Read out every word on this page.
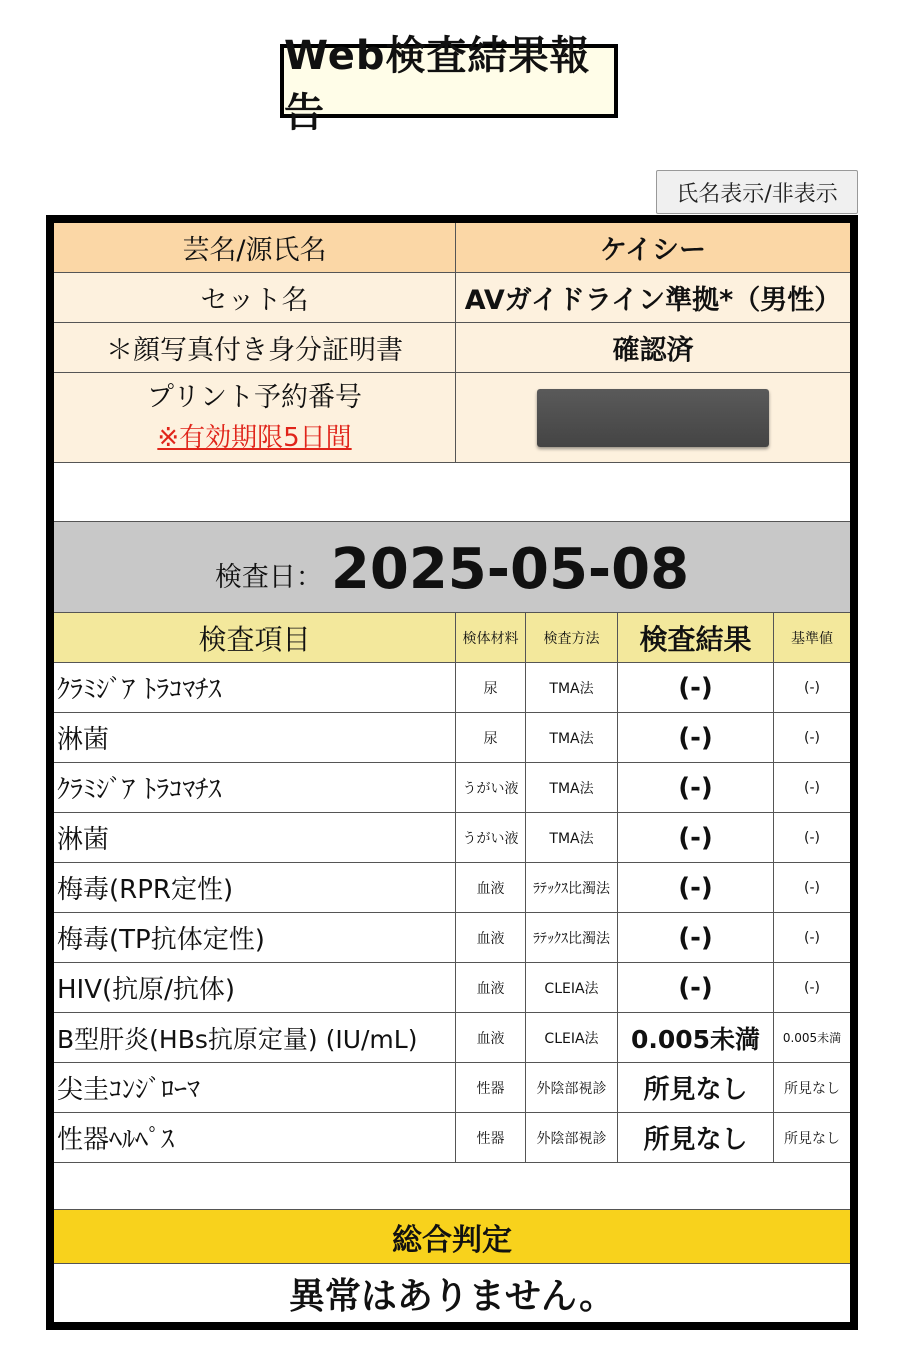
Web検査結果報告
氏名表示/非表示
芸名/源氏名	ケイシー
セット名	AVガイドライン準拠*（男性）
＊顔写真付き身分証明書	確認済
プリント予約番号
※有効期限5日間
検査日： 2025-05-08
検査項目	検体材料	検査方法	検査結果	基準値
ｸﾗﾐｼﾞｱ ﾄﾗｺﾏﾁｽ	尿	TMA法	(-)	(-)
淋菌	尿	TMA法	(-)	(-)
ｸﾗﾐｼﾞｱ ﾄﾗｺﾏﾁｽ	うがい液	TMA法	(-)	(-)
淋菌	うがい液	TMA法	(-)	(-)
梅毒(RPR定性)	血液	ﾗﾃｯｸｽ比濁法	(-)	(-)
梅毒(TP抗体定性)	血液	ﾗﾃｯｸｽ比濁法	(-)	(-)
HIV(抗原/抗体)	血液	CLEIA法	(-)	(-)
B型肝炎(HBs抗原定量) (IU/mL)	血液	CLEIA法	0.005未満	0.005未満
尖圭ｺﾝｼﾞﾛｰﾏ	性器	外陰部視診	所見なし	所見なし
性器ﾍﾙﾍﾟｽ	性器	外陰部視診	所見なし	所見なし
総合判定
異常はありません。
